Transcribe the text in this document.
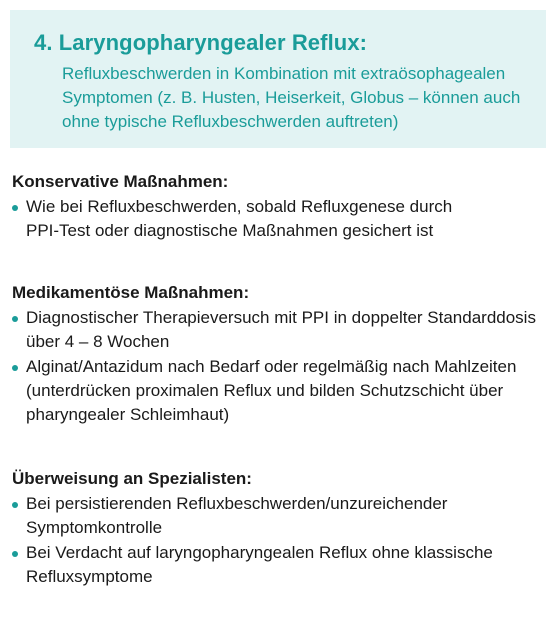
4. Laryngopharyngealer Reflux:
Refluxbeschwerden in Kombination mit extraösophagealen
Symptomen (z. B. Husten, Heiserkeit, Globus – können auch
ohne typische Refluxbeschwerden auftreten)
Konservative Maßnahmen:
Wie bei Refluxbeschwerden, sobald Refluxgenese durch
PPI-Test oder diagnostische Maßnahmen gesichert ist
Medikamentöse Maßnahmen:
Diagnostischer Therapieversuch mit PPI in doppelter Standarddosis
über 4 – 8 Wochen
Alginat/Antazidum nach Bedarf oder regelmäßig nach Mahlzeiten
(unterdrücken proximalen Reflux und bilden Schutzschicht über
pharyngealer Schleimhaut)
Überweisung an Spezialisten:
Bei persistierenden Refluxbeschwerden/unzureichender
Symptomkontrolle
Bei Verdacht auf laryngopharyngealen Reflux ohne klassische
Refluxsymptome
